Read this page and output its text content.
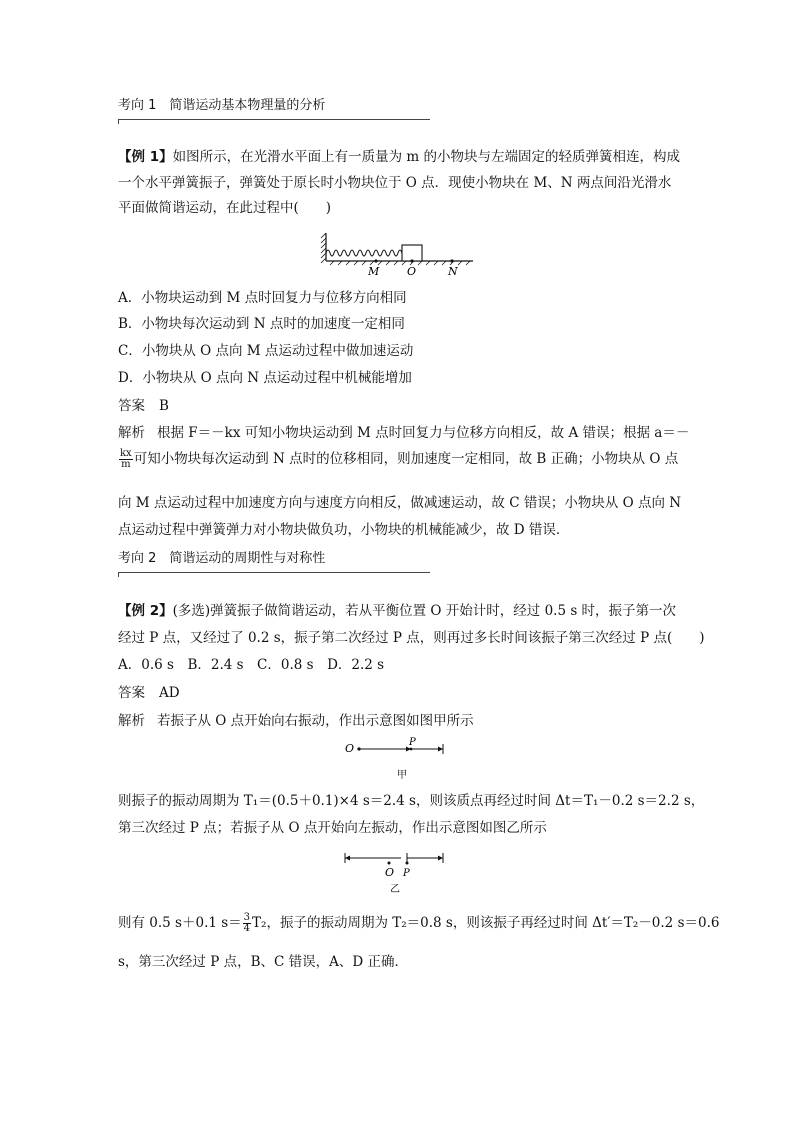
考向 1　简谐运动基本物理量的分析
【例 1】如图所示，在光滑水平面上有一质量为 m 的小物块与左端固定的轻质弹簧相连，构成
一个水平弹簧振子，弹簧处于原长时小物块位于 O 点．现使小物块在 M、N 两点间沿光滑水
平面做简谐运动，在此过程中(　　)
M	O	N
A．小物块运动到 M 点时回复力与位移方向相同
B．小物块每次运动到 N 点时的加速度一定相同
C．小物块从 O 点向 M 点运动过程中做加速运动
D．小物块从 O 点向 N 点运动过程中机械能增加
答案 B
解析 根据 F＝－kx 可知小物块运动到 M 点时回复力与位移方向相反，故 A 错误；根据 a＝－
$\frac{kx}{m}$ 可知小物块每次运动到 N 点时的位移相同，则加速度一定相同，故 B 正确；小物块从 O 点
向 M 点运动过程中加速度方向与速度方向相反，做减速运动，故 C 错误；小物块从 O 点向 N
点运动过程中弹簧弹力对小物块做负功，小物块的机械能减少，故 D 错误．
考向 2　简谐运动的周期性与对称性
【例 2】(多选)弹簧振子做简谐运动，若从平衡位置 O 开始计时，经过 0.5 s 时，振子第一次
经过 P 点，又经过了 0.2 s，振子第二次经过 P 点，则再过多长时间该振子第三次经过 P 点(　　)
A．0.6 s　B．2.4 s　C．0.8 s　D．2.2 s
答案 AD
解析 若振子从 O 点开始向右振动，作出示意图如图甲所示
O	P
甲
则振子的振动周期为 T₁＝(0.5＋0.1)×4 s＝2.4 s，则该质点再经过时间 Δt＝T₁－0.2 s＝2.2 s，
第三次经过 P 点；若振子从 O 点开始向左振动，作出示意图如图乙所示
O P
乙
则有 0.5 s＋0.1 $s= \frac{3}{4} T_2$，振子的振动周期为 T₂＝0.8 s，则该振子再经过时间 Δt′＝T₂－0.2 s＝0.6
s，第三次经过 P 点，B、C 错误，A、D 正确．
